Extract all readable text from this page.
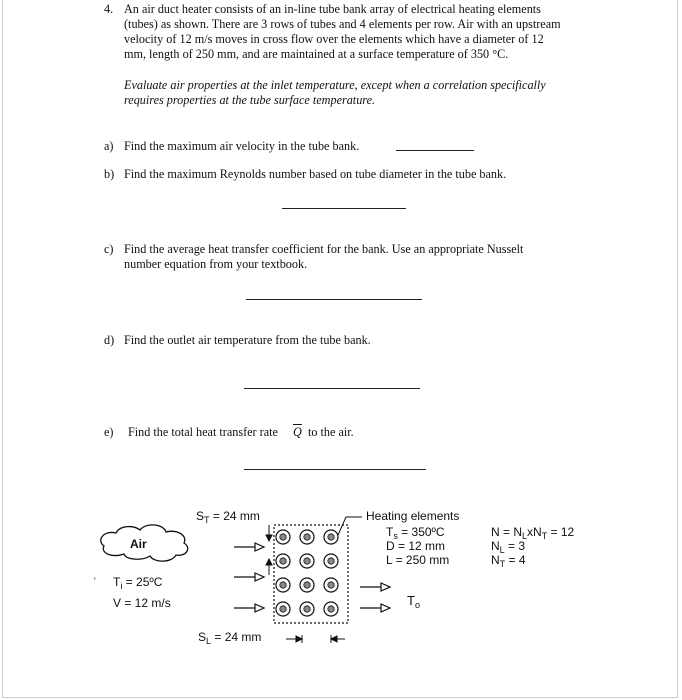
4. An air duct heater consists of an in-line tube bank array of electrical heating elements
(tubes) as shown. There are 3 rows of tubes and 4 elements per row. Air with an upstream
velocity of 12 m/s moves in cross flow over the elements which have a diameter of 12
mm, length of 250 mm, and are maintained at a surface temperature of 350 °C.
Evaluate air properties at the inlet temperature, except when a correlation specifically
requires properties at the tube surface temperature.
a) Find the maximum air velocity in the tube bank.
b) Find the maximum Reynolds number based on tube diameter in the tube bank.
c) Find the average heat transfer coefficient for the bank. Use an appropriate Nusselt
number equation from your textbook.
d) Find the outlet air temperature from the tube bank.
e) Find the total heat transfer rate $\overline{Q}$ to the air.
Air
$T_i$ = 25ºC
'
V = 12 m/s
$S_T = 24$ mm
$S_L = 24$ mm
Heating elements
$T_s$ = 350ºC
D = 12 mm
L = 250 mm
$N = N_LxN_T = 12$
$N_L = 3$
$N_T = 4$
$T_o$
